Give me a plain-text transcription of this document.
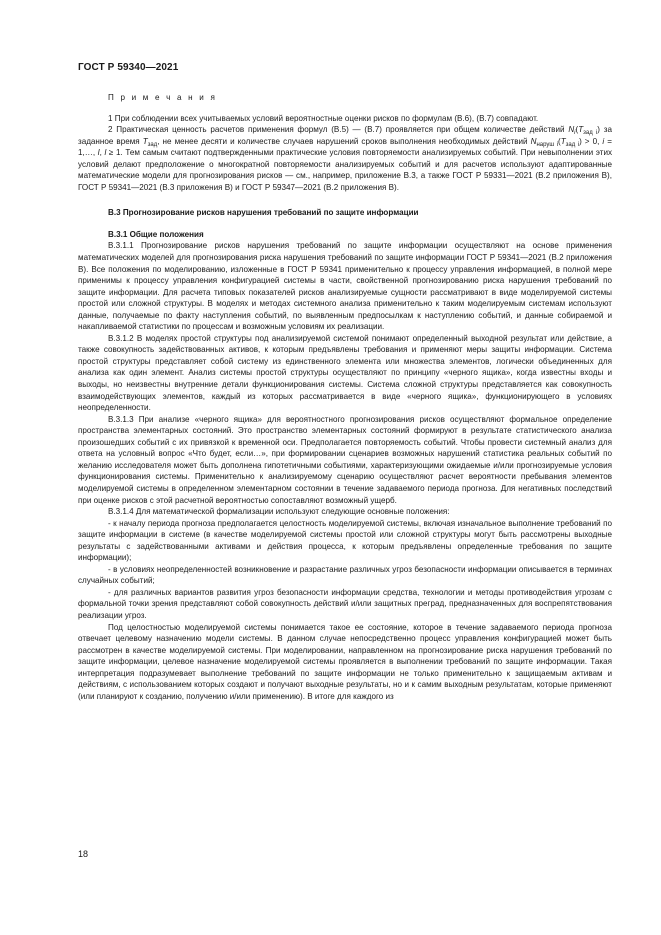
ГОСТ Р 59340—2021

П р и м е ч а н и я

1 При соблюдении всех учитываемых условий вероятностные оценки рисков по формулам (В.6), (В.7) совпадают.

2 Практическая ценность расчетов применения формул (В.5) — (В.7) проявляется при общем количестве действий $N_i(T_{зад i})$ за заданное время $T_{зад}$, не менее десяти и количестве случаев нарушений сроков выполнения необходимых действий $N_{наруш i}(T_{зад i}) > 0$, i = 1,…, l, l ≥ 1. Тем самым считают подтвержденными практические условия повторяемости анализируемых событий. При невыполнении этих условий делают предположение о многократной повторяемости анализируемых событий и для расчетов используют адаптированные математические модели для прогнозирования рисков — см., например, приложение В.3, а также ГОСТ Р 59331—2021 (В.2 приложения В), ГОСТ Р 59341—2021 (В.3 приложения В) и ГОСТ Р 59347—2021 (В.2 приложения В).

В.3 Прогнозирование рисков нарушения требований по защите информации

В.3.1 Общие положения

В.3.1.1 Прогнозирование рисков нарушения требований по защите информации осуществляют на основе применения математических моделей для прогнозирования риска нарушения требований по защите информации ГОСТ Р 59341—2021 (В.2 приложения В). Все положения по моделированию, изложенные в ГОСТ Р 59341 применительно к процессу управления информацией, в полной мере применимы к процессу управления конфигурацией системы в части, свойственной прогнозированию риска нарушения требований по защите информации. Для расчета типовых показателей рисков анализируемые сущности рассматривают в виде моделируемой системы простой или сложной структуры. В моделях и методах системного анализа применительно к таким моделируемым системам используют данные, получаемые по факту наступления событий, по выявленным предпосылкам к наступлению событий, и данные собираемой и накапливаемой статистики по процессам и возможным условиям их реализации.

В.3.1.2 В моделях простой структуры под анализируемой системой понимают определенный выходной результат или действие, а также совокупность задействованных активов, к которым предъявлены требования и применяют меры защиты информации. Система простой структуры представляет собой систему из единственного элемента или множества элементов, логически объединенных для анализа как один элемент. Анализ системы простой структуры осуществляют по принципу «черного ящика», когда известны входы и выходы, но неизвестны внутренние детали функционирования системы. Система сложной структуры представляется как совокупность взаимодействующих элементов, каждый из которых рассматривается в виде «черного ящика», функционирующего в условиях неопределенности.

В.3.1.3 При анализе «черного ящика» для вероятностного прогнозирования рисков осуществляют формальное определение пространства элементарных состояний. Это пространство элементарных состояний формируют в результате статистического анализа произошедших событий с их привязкой к временной оси. Предполагается повторяемость событий. Чтобы провести системный анализ для ответа на условный вопрос «Что будет, если…», при формировании сценариев возможных нарушений статистика реальных событий по желанию исследователя может быть дополнена гипотетичными событиями, характеризующими ожидаемые и/или прогнозируемые условия функционирования системы. Применительно к анализируемому сценарию осуществляют расчет вероятности пребывания элементов моделируемой системы в определенном элементарном состоянии в течение задаваемого периода прогноза. Для негативных последствий при оценке рисков с этой расчетной вероятностью сопоставляют возможный ущерб.

В.3.1.4 Для математической формализации используют следующие основные положения:

- к началу периода прогноза предполагается целостность моделируемой системы, включая изначальное выполнение требований по защите информации в системе (в качестве моделируемой системы простой или сложной структуры могут быть рассмотрены выходные результаты с задействованными активами и действия процесса, к которым предъявлены определенные требования по защите информации);

- в условиях неопределенностей возникновение и разрастание различных угроз безопасности информации описывается в терминах случайных событий;

- для различных вариантов развития угроз безопасности информации средства, технологии и методы противодействия угрозам с формальной точки зрения представляют собой совокупность действий и/или защитных преград, предназначенных для воспрепятствования реализации угроз.

Под целостностью моделируемой системы понимается такое ее состояние, которое в течение задаваемого периода прогноза отвечает целевому назначению модели системы. В данном случае непосредственно процесс управления конфигурацией может быть рассмотрен в качестве моделируемой системы. При моделировании, направленном на прогнозирование риска нарушения требований по защите информации, целевое назначение моделируемой системы проявляется в выполнении требований по защите информации. Такая интерпретация подразумевает выполнение требований по защите информации не только применительно к защищаемым активам и действиям, с использованием которых создают и получают выходные результаты, но и к самим выходным результатам, которые применяют (или планируют к созданию, получению и/или применению). В итоге для каждого из

18
